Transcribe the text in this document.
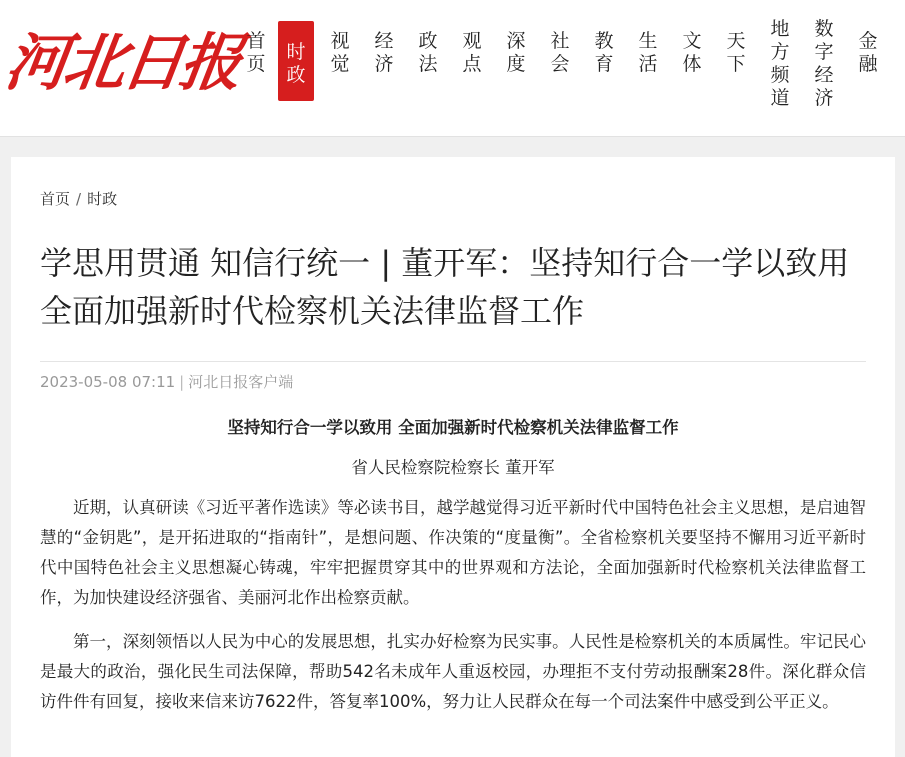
河北日报 首
页
时
政
视
觉
经
济
政
法
观
点
深
度
社
会
教
育
生
活
文
体
天
下
地
方
频
道
数
字
经
济
金
融
首页 / 时政
学思用贯通 知信行统一 | 董开军：坚持知行合一学以致用 全面加强新时代检察机关法律监督工作
2023-05-08 07:11 | 河北日报客户端

坚持知行合一学以致用 全面加强新时代检察机关法律监督工作

省人民检察院检察长 董开军

近期，认真研读《习近平著作选读》等必读书目，越学越觉得习近平新时代中国特色社会主义思想，是启迪智慧的“金钥匙”，是开拓进取的“指南针”，是想问题、作决策的“度量衡”。全省检察机关要坚持不懈用习近平新时代中国特色社会主义思想凝心铸魂，牢牢把握贯穿其中的世界观和方法论，全面加强新时代检察机关法律监督工作，为加快建设经济强省、美丽河北作出检察贡献。

第一，深刻领悟以人民为中心的发展思想，扎实办好检察为民实事。人民性是检察机关的本质属性。牢记民心是最大的政治，强化民生司法保障，帮助542名未成年人重返校园，办理拒不支付劳动报酬案28件。深化群众信访件件有回复，接收来信来访7622件，答复率100%，努力让人民群众在每一个司法案件中感受到公平正义。
